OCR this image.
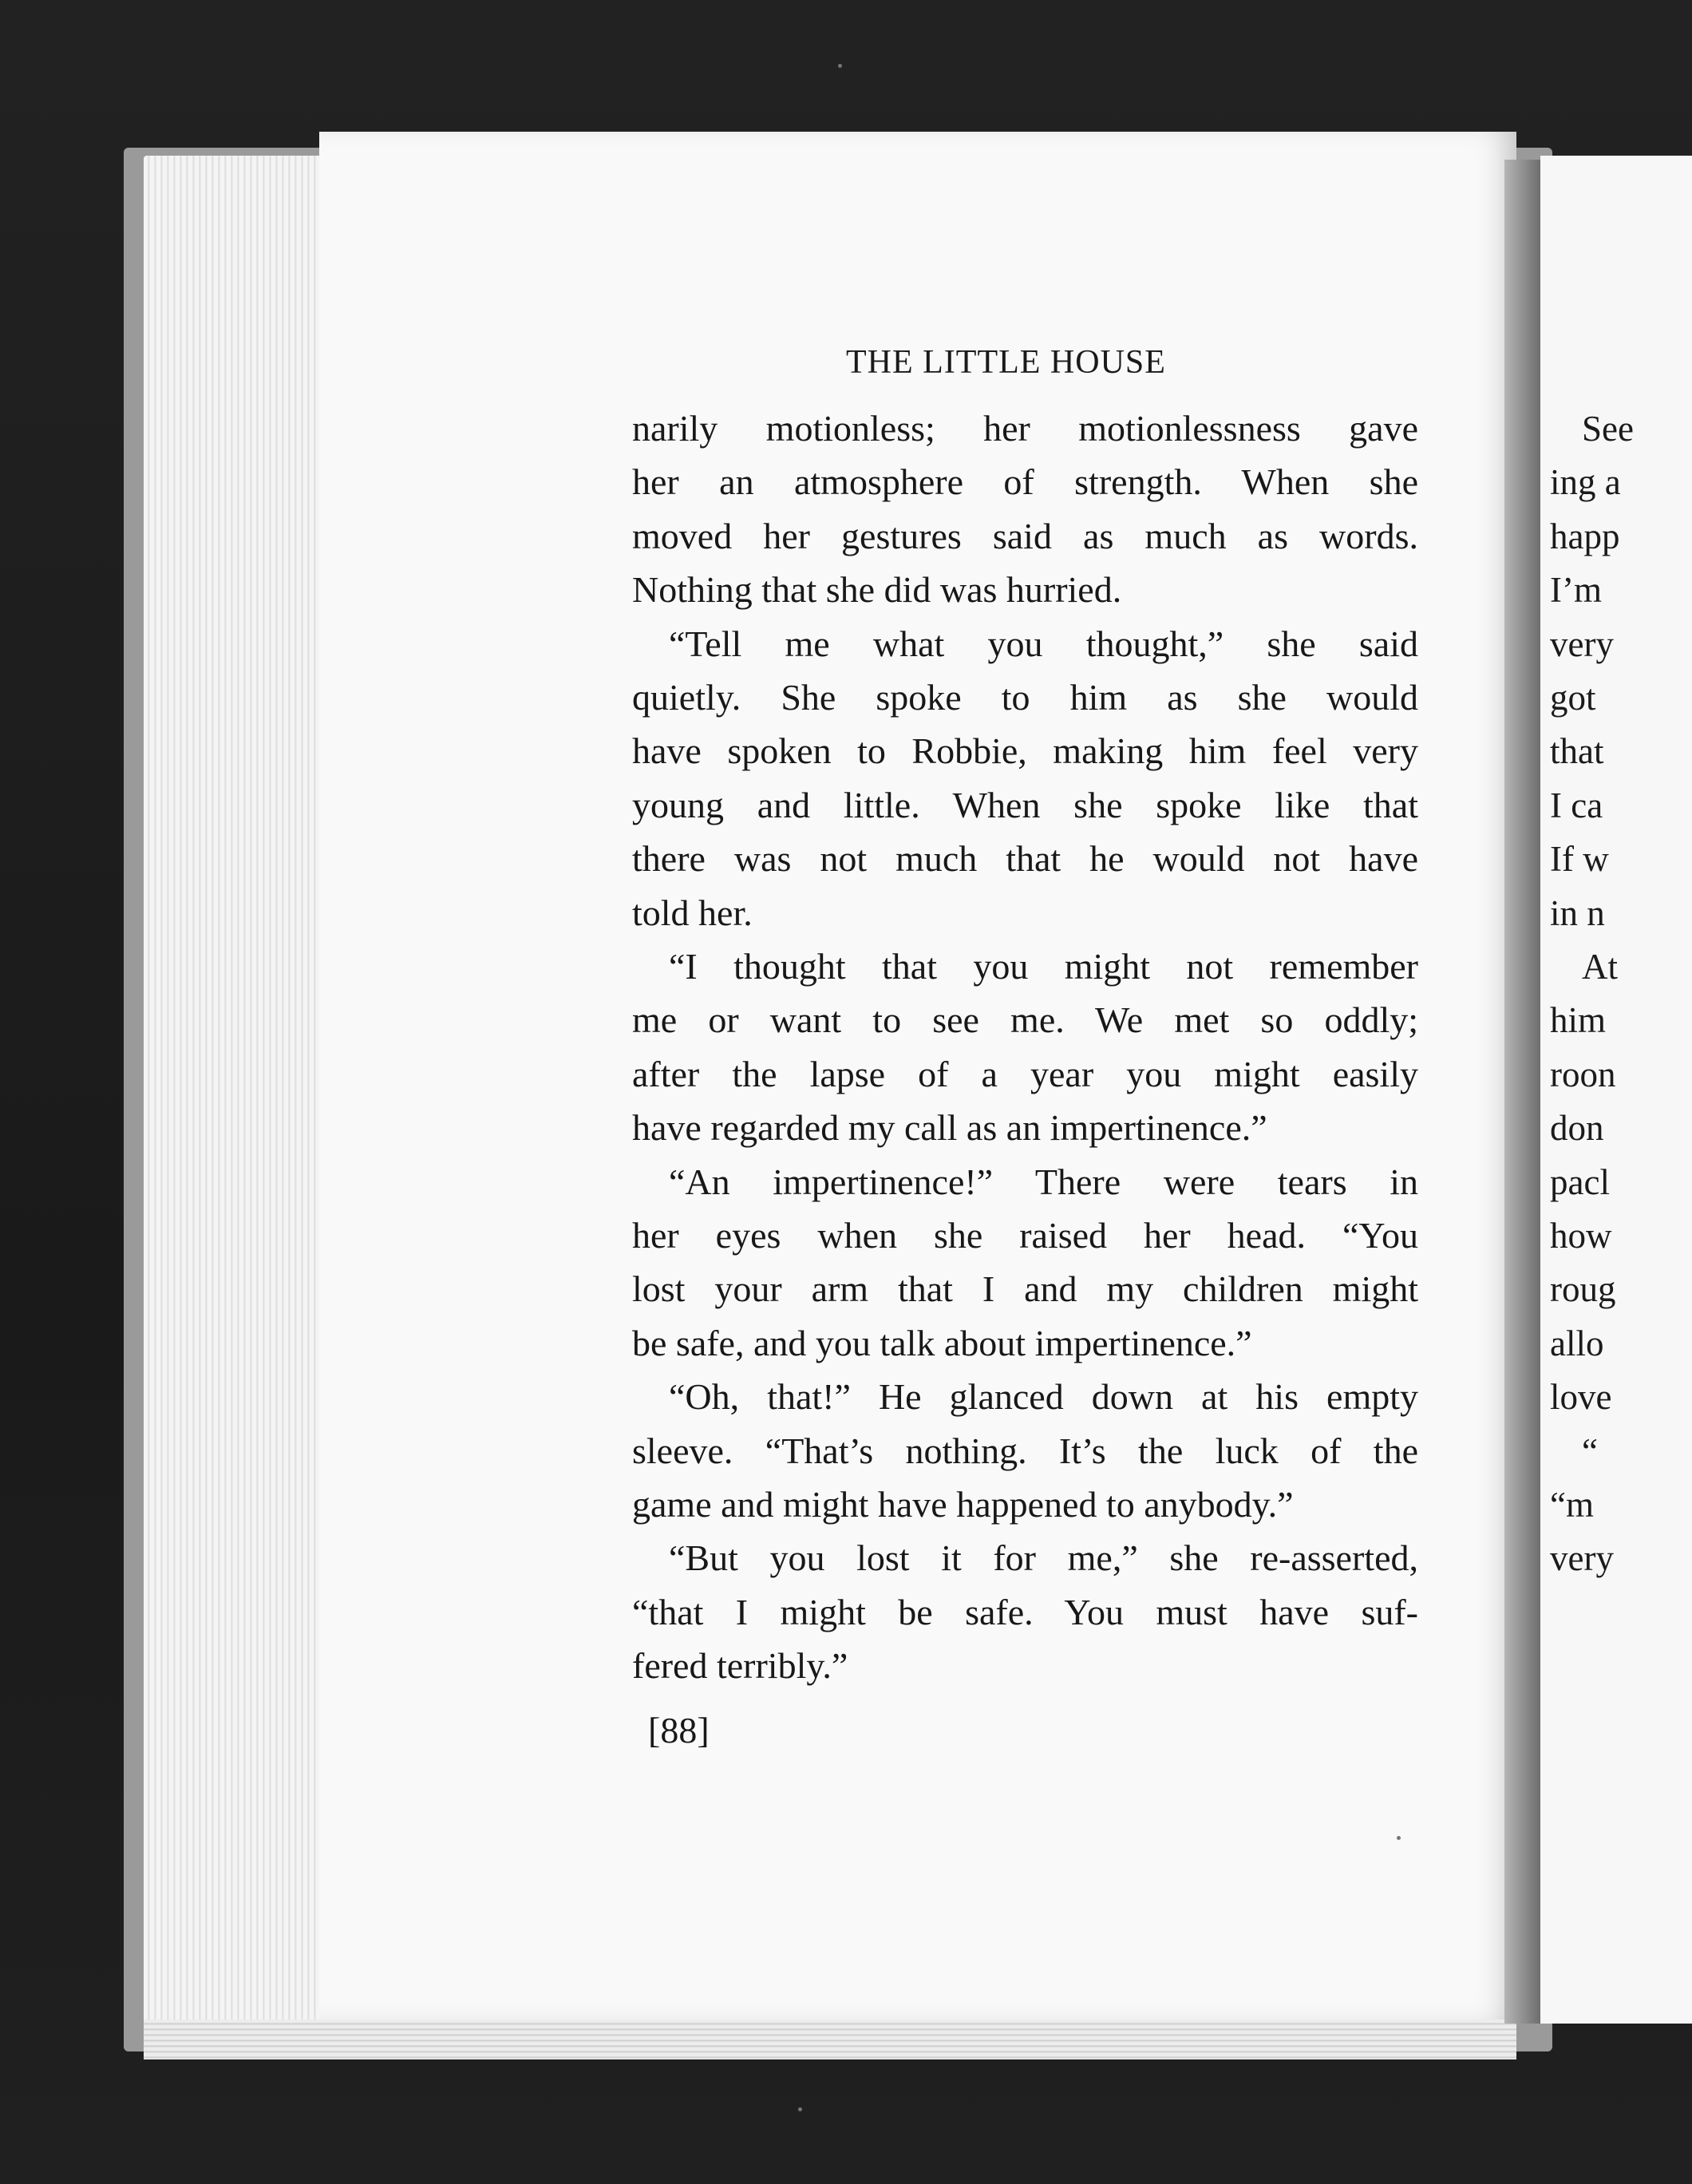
See
ing a
happ
I’m
very
got
that
I ca
If w
in n
At
him
roon
don
pacl
how
roug
allo
love
“
“m
very
THE LITTLE HOUSE
narily motionless; her motionlessness gave
her an atmosphere of strength. When she
moved her gestures said as much as words.
Nothing that she did was hurried.
“Tell me what you thought,” she said
quietly. She spoke to him as she would
have spoken to Robbie, making him feel very
young and little. When she spoke like that
there was not much that he would not have
told her.
“I thought that you might not remember
me or want to see me. We met so oddly;
after the lapse of a year you might easily
have regarded my call as an impertinence.”
“An impertinence!” There were tears in
her eyes when she raised her head. “You
lost your arm that I and my children might
be safe, and you talk about impertinence.”
“Oh, that!” He glanced down at his empty
sleeve. “That’s nothing. It’s the luck of the
game and might have happened to anybody.”
“But you lost it for me,” she re-asserted,
“that I might be safe. You must have suf-
fered terribly.”
[88]
